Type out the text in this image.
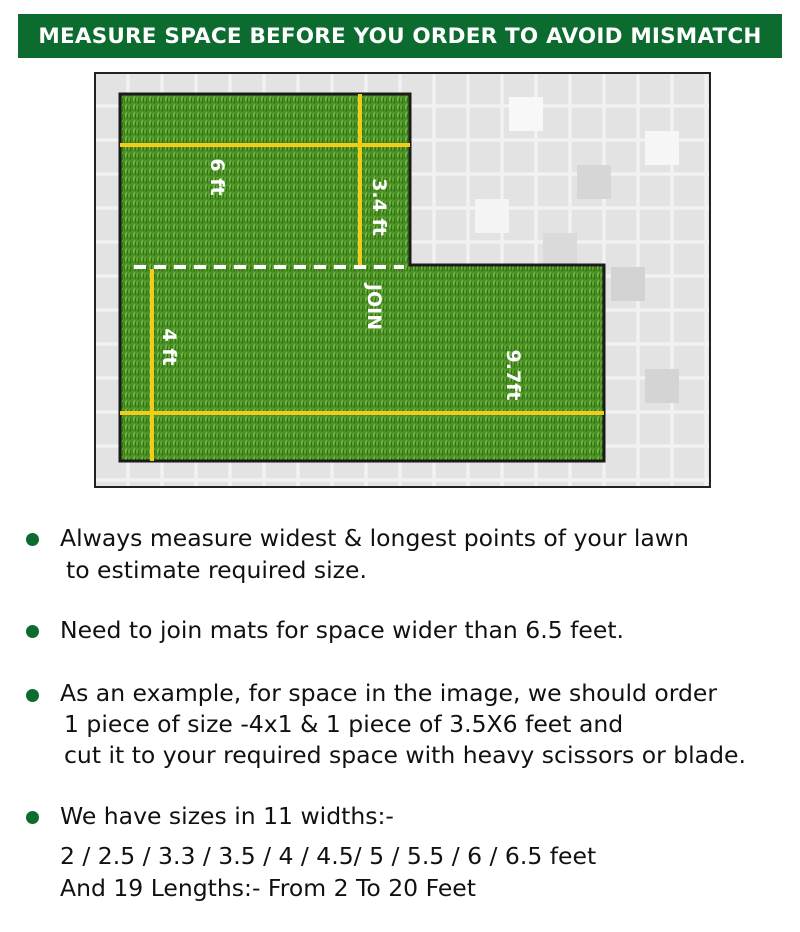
MEASURE SPACE BEFORE YOU ORDER TO AVOID MISMATCH
6 ft
3.4 ft
JOIN
4 ft
9.7ft
Always measure widest & longest points of your lawn
to estimate required size.
Need to join mats for space wider than 6.5 feet.
As an example, for space in the image, we should order
1 piece of size -4x1 & 1 piece of 3.5X6 feet and
cut it to your required space with heavy scissors or blade.
We have sizes in 11 widths:-
2 / 2.5 / 3.3 / 3.5 / 4 / 4.5/ 5 / 5.5 / 6 / 6.5 feet
And 19 Lengths:- From 2 To 20 Feet
